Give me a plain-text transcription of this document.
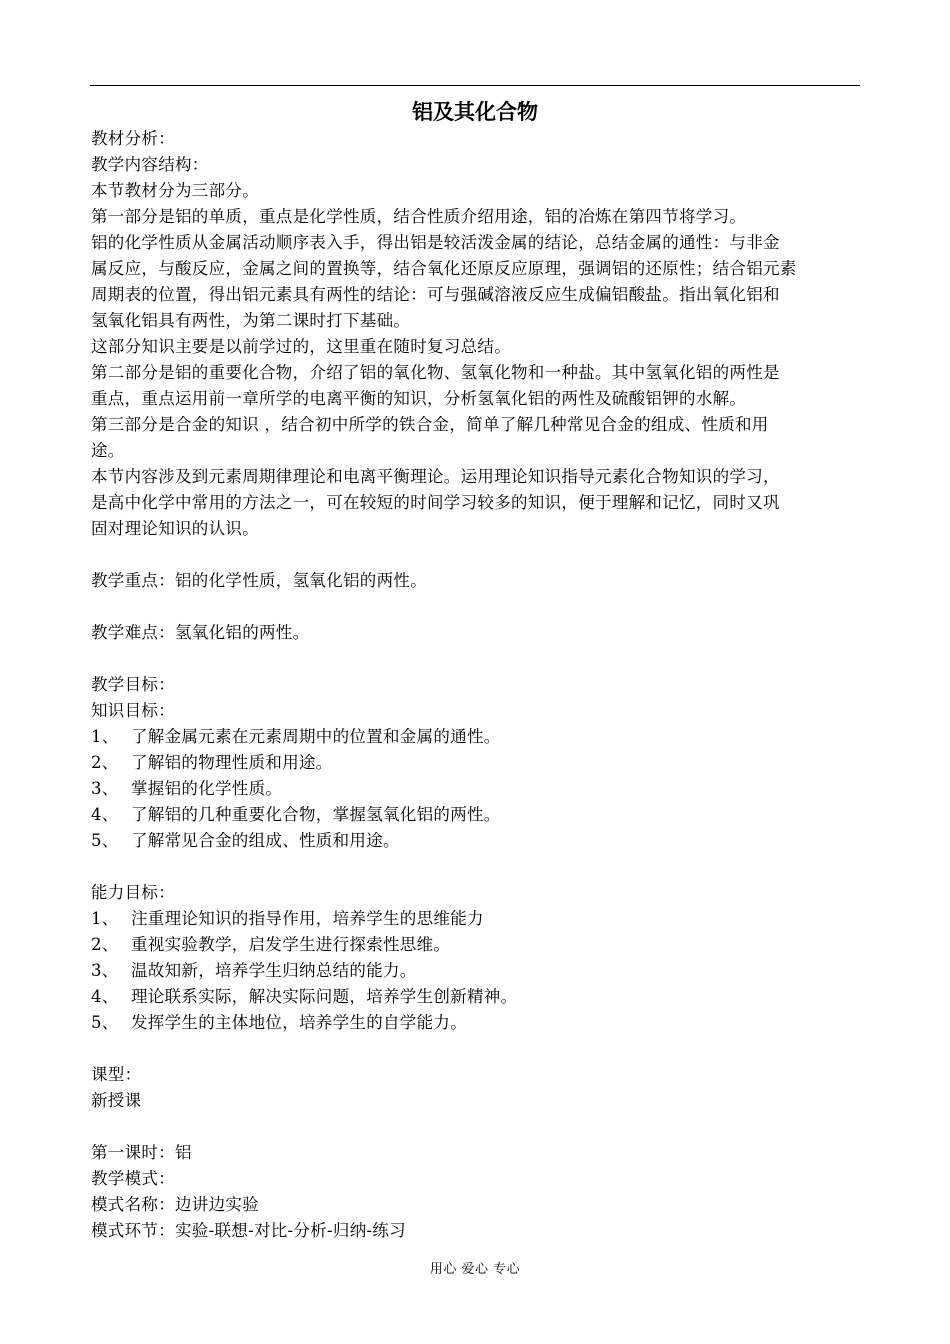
铝及其化合物
教材分析：
教学内容结构：
本节教材分为三部分。
第一部分是铝的单质，重点是化学性质，结合性质介绍用途，铝的冶炼在第四节将学习。
铝的化学性质从金属活动顺序表入手，得出铝是较活泼金属的结论，总结金属的通性：与非金
属反应，与酸反应，金属之间的置换等，结合氧化还原反应原理，强调铝的还原性；结合铝元素
周期表的位置，得出铝元素具有两性的结论：可与强碱溶液反应生成偏铝酸盐。指出氧化铝和
氢氧化铝具有两性，为第二课时打下基础。
这部分知识主要是以前学过的，这里重在随时复习总结。
第二部分是铝的重要化合物，介绍了铝的氧化物、氢氧化物和一种盐。其中氢氧化铝的两性是
重点，重点运用前一章所学的电离平衡的知识，分析氢氧化铝的两性及硫酸铝钾的水解。
第三部分是合金的知识 ，结合初中所学的铁合金，简单了解几种常见合金的组成、性质和用
途。
本节内容涉及到元素周期律理论和电离平衡理论。运用理论知识指导元素化合物知识的学习，
是高中化学中常用的方法之一，可在较短的时间学习较多的知识，便于理解和记忆，同时又巩
固对理论知识的认识。
教学重点：铝的化学性质，氢氧化铝的两性。
教学难点：氢氧化铝的两性。
教学目标：
知识目标：
1、 了解金属元素在元素周期中的位置和金属的通性。
2、 了解铝的物理性质和用途。
3、 掌握铝的化学性质。
4、 了解铝的几种重要化合物，掌握氢氧化铝的两性。
5、 了解常见合金的组成、性质和用途。
能力目标：
1、 注重理论知识的指导作用，培养学生的思维能力
2、 重视实验教学，启发学生进行探索性思维。
3、 温故知新，培养学生归纳总结的能力。
4、 理论联系实际，解决实际问题，培养学生创新精神。
5、 发挥学生的主体地位，培养学生的自学能力。
课型：
新授课
第一课时：铝
教学模式：
模式名称：边讲边实验
模式环节：实验-联想-对比-分析-归纳-练习
用心 爱心 专心
